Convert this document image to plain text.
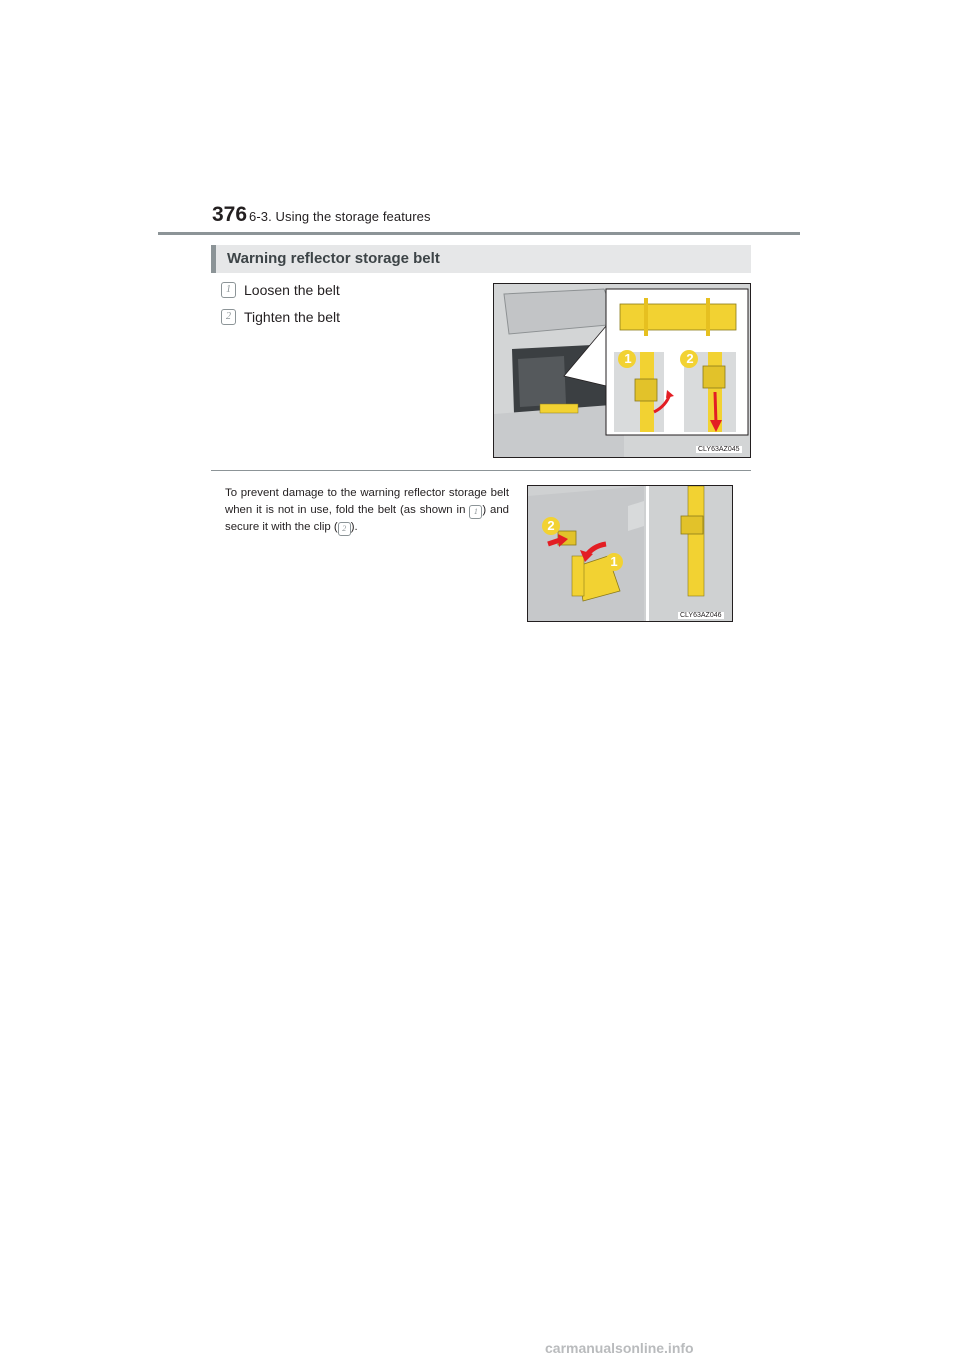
376 6-3. Using the storage features
Warning reflector storage belt
1 Loosen the belt
2 Tighten the belt
1	2
CLY63AZ045
To prevent damage to the warning reflector storage belt when it is not in use, fold the belt (as shown in 1 ) and secure it with the clip ( 2 ).	2
1
CLY63AZ046
carmanualsonline.info
